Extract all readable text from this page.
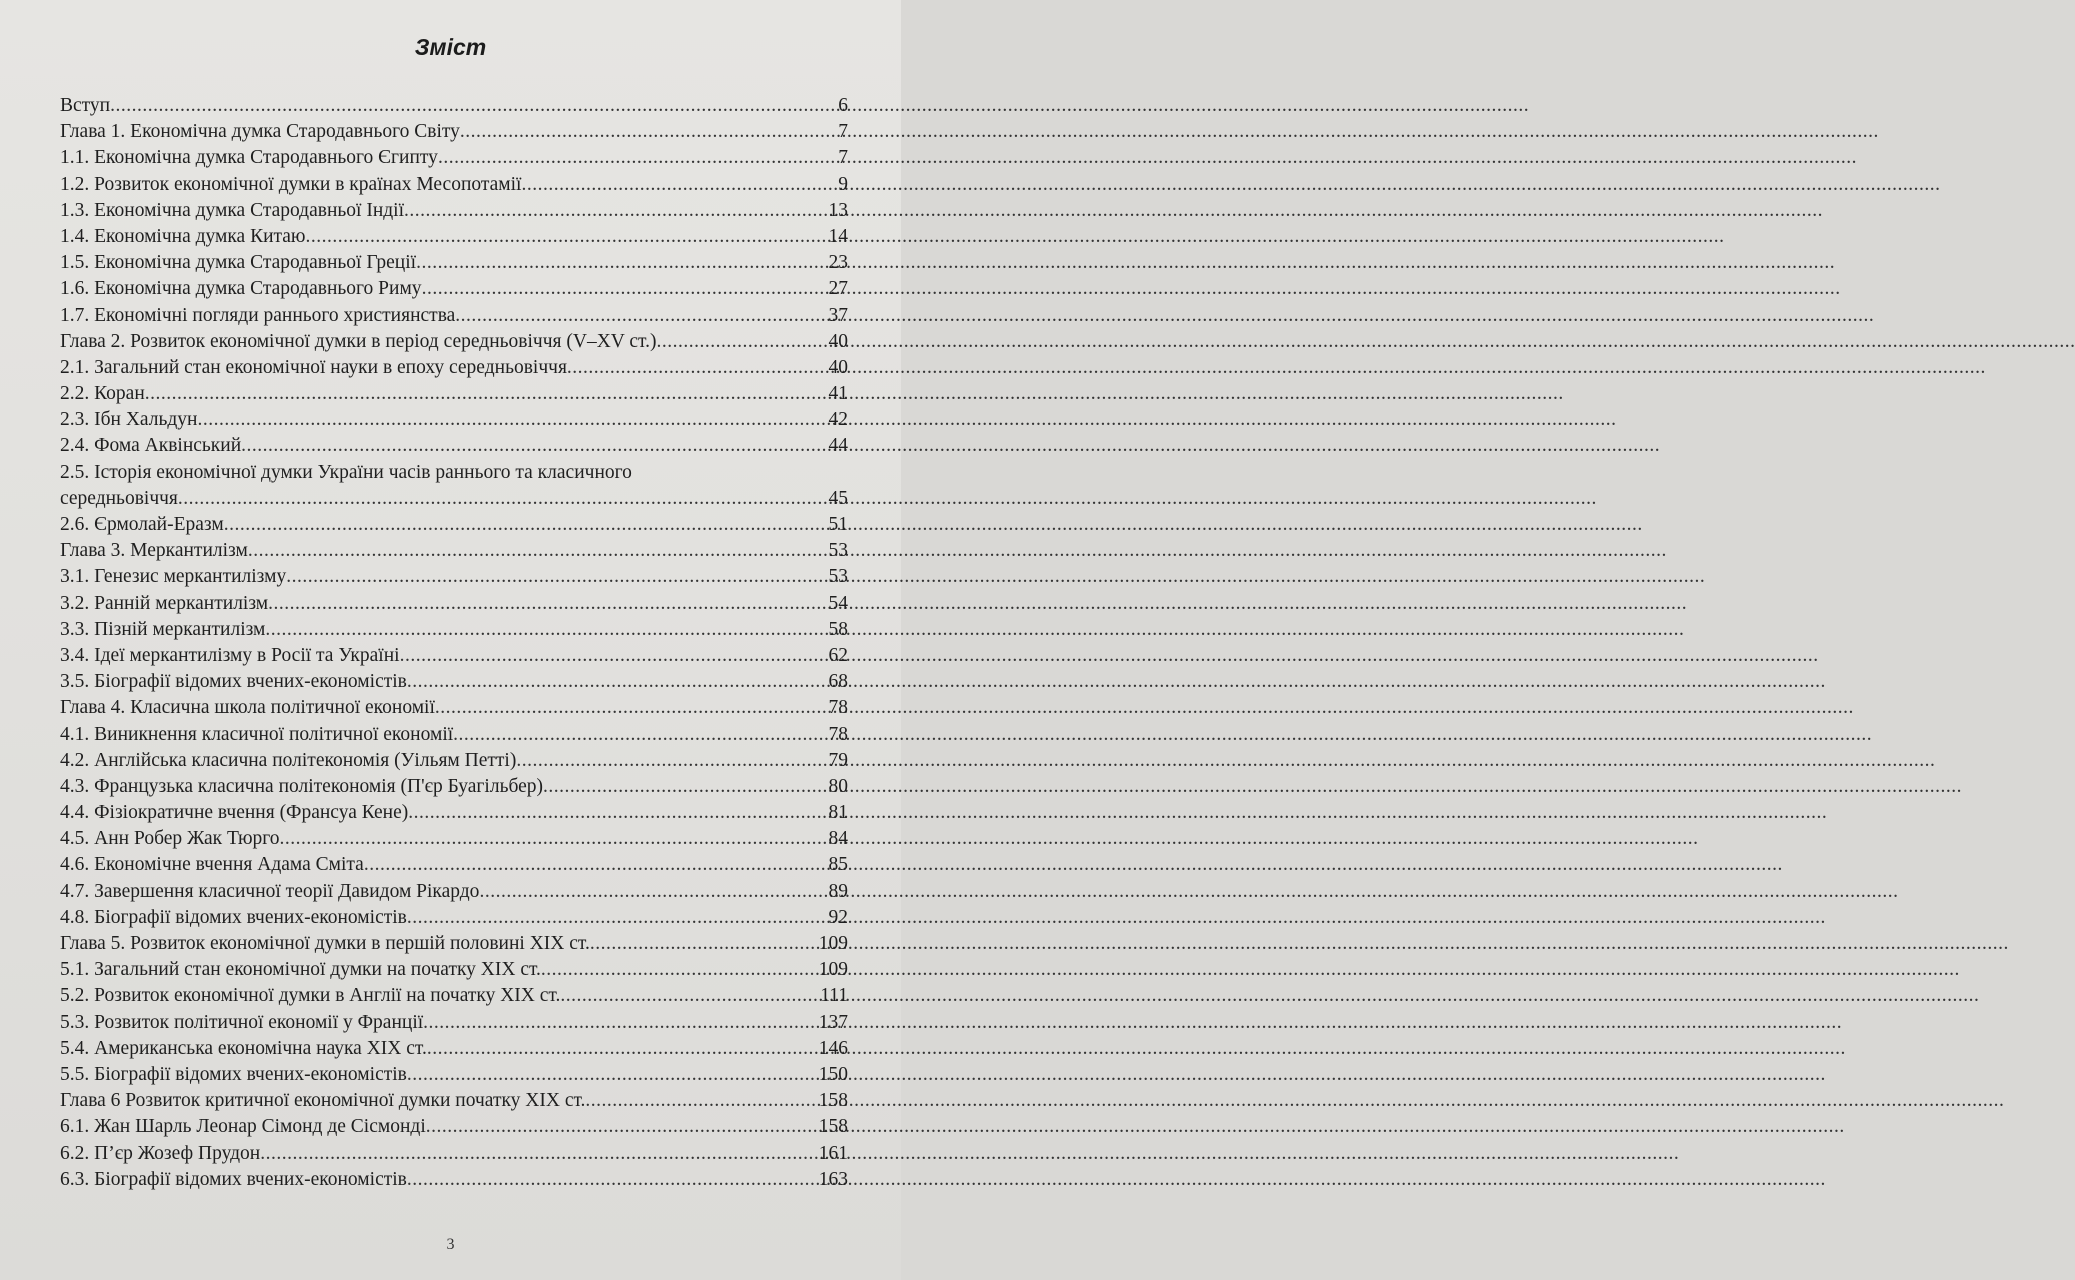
Зміст
Вступ .....	6
Глава 1. Економічна думка Стародавнього Світу .....	7
1.1. Економічна думка Стародавнього Єгипту .....	7
1.2. Розвиток економічної думки в країнах Месопотамії .....	9
1.3. Економічна думка Стародавньої Індії .....	13
1.4. Економічна думка Китаю .....	14
1.5. Економічна думка Стародавньої Греції .....	23
1.6. Економічна думка Стародавнього Риму .....	27
1.7. Економічні погляди раннього християнства .....	37
Глава 2. Розвиток економічної думки в період середньовіччя (V–XV ст.) .....	40
2.1. Загальний стан економічної науки в епоху середньовіччя .....	40
2.2. Коран .....	41
2.3. Ібн Хальдун .....	42
2.4. Фома Аквінський .....	44
2.5. Історія економічної думки України часів раннього та класичного
середньовіччя .....	45
2.6. Єрмолай-Еразм .....	51
Глава 3. Меркантилізм .....	53
3.1. Генезис меркантилізму .....	53
3.2. Ранній меркантилізм .....	54
3.3. Пізній меркантилізм .....	58
3.4. Ідеї меркантилізму в Росії та Україні .....	62
3.5. Біографії відомих вчених-економістів .....	68
Глава 4. Класична школа політичної економії .....	78
4.1. Виникнення класичної політичної економії .....	78
4.2. Англійська класична політекономія (Уільям Петті) .....	79
4.3. Французька класична політекономія (П'єр Буагільбер) .....	80
4.4. Фізіократичне вчення (Франсуа Кене) .....	81
4.5. Анн Робер Жак Тюрго .....	84
4.6. Економічне вчення Адама Сміта .....	85
4.7. Завершення класичної теорії Давидом Рікардо .....	89
4.8. Біографії відомих вчених-економістів .....	92
Глава 5. Розвиток економічної думки в першій половині XIX ст. .....	109
5.1. Загальний стан економічної думки на початку XIX ст. .....	109
5.2. Розвиток економічної думки в Англії на початку XIX ст. .....	111
5.3. Розвиток політичної економії у Франції .....	137
5.4. Американська економічна наука XIX ст. .....	146
5.5. Біографії відомих вчених-економістів .....	150
Глава 6 Розвиток критичної економічної думки початку XIX ст. .....	158
6.1. Жан Шарль Леонар Сімонд де Сісмонді .....	158
6.2. П’єр Жозеф Прудон .....	161
6.3. Біографії відомих вчених-економістів .....	163
3
